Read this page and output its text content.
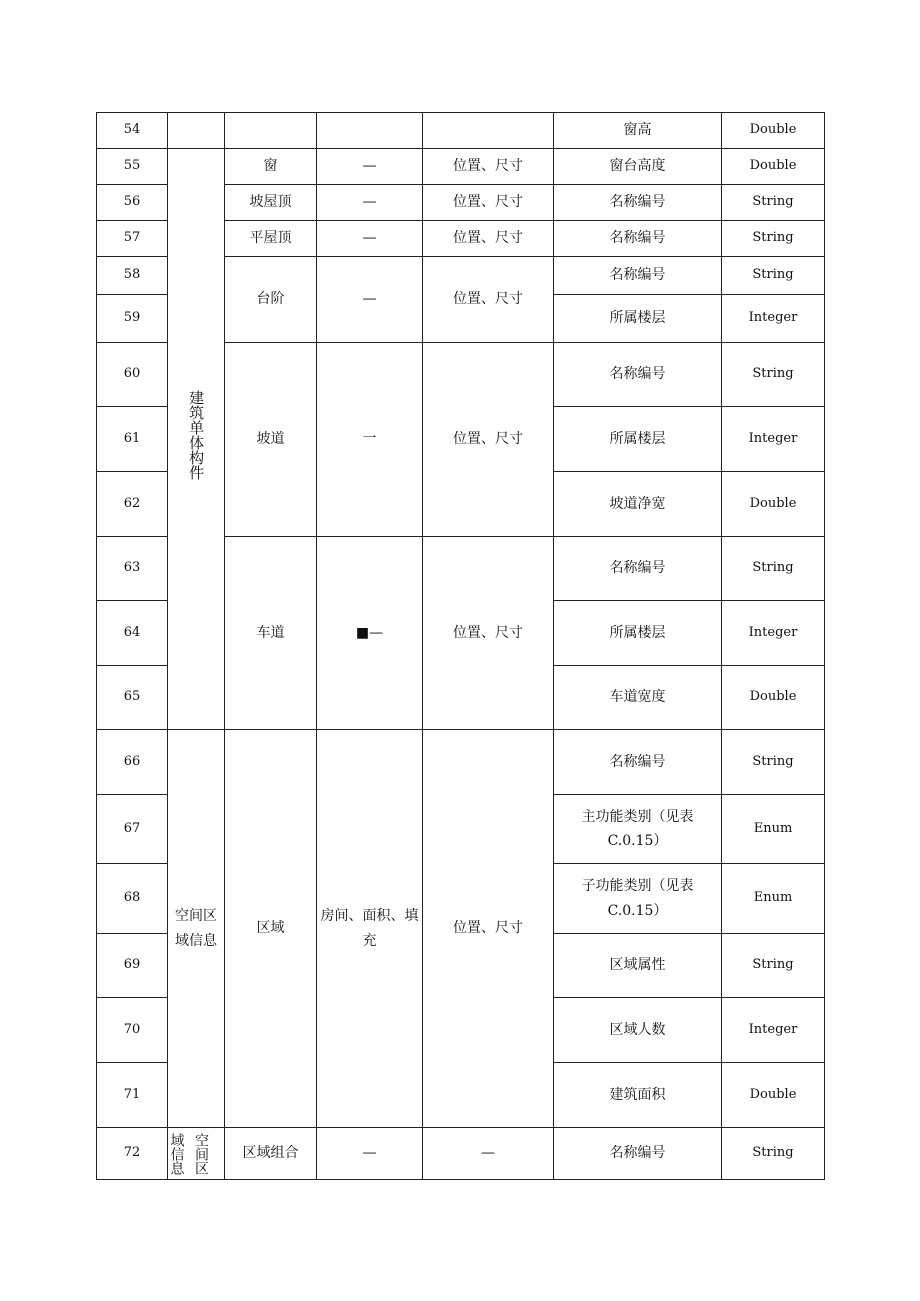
54					窗高	Double
55	建筑单体构件	窗	—	位置、尺寸	窗台高度	Double
56		坡屋顶	—	位置、尺寸	名称编号	String
57		平屋顶	—	位置、尺寸	名称编号	String
58		台阶	—	位置、尺寸	名称编号	String
59					所属楼层	Integer
60		坡道	一	位置、尺寸	名称编号	String
61					所属楼层	Integer
62					坡道净宽	Double
63		车道	■—	位置、尺寸	名称编号	String
64					所属楼层	Integer
65					车道宽度	Double
66	空间区域信息	区域	房间、面积、填充	位置、尺寸	名称编号	String
67					主功能类别（见表C.0.15）	Enum
68					子功能类别（见表C.0.15）	Enum
69					区域属性	String
70					区域人数	Integer
71					建筑面积	Double
72	域信息 空间区	区域组合	—	—	名称编号	String
